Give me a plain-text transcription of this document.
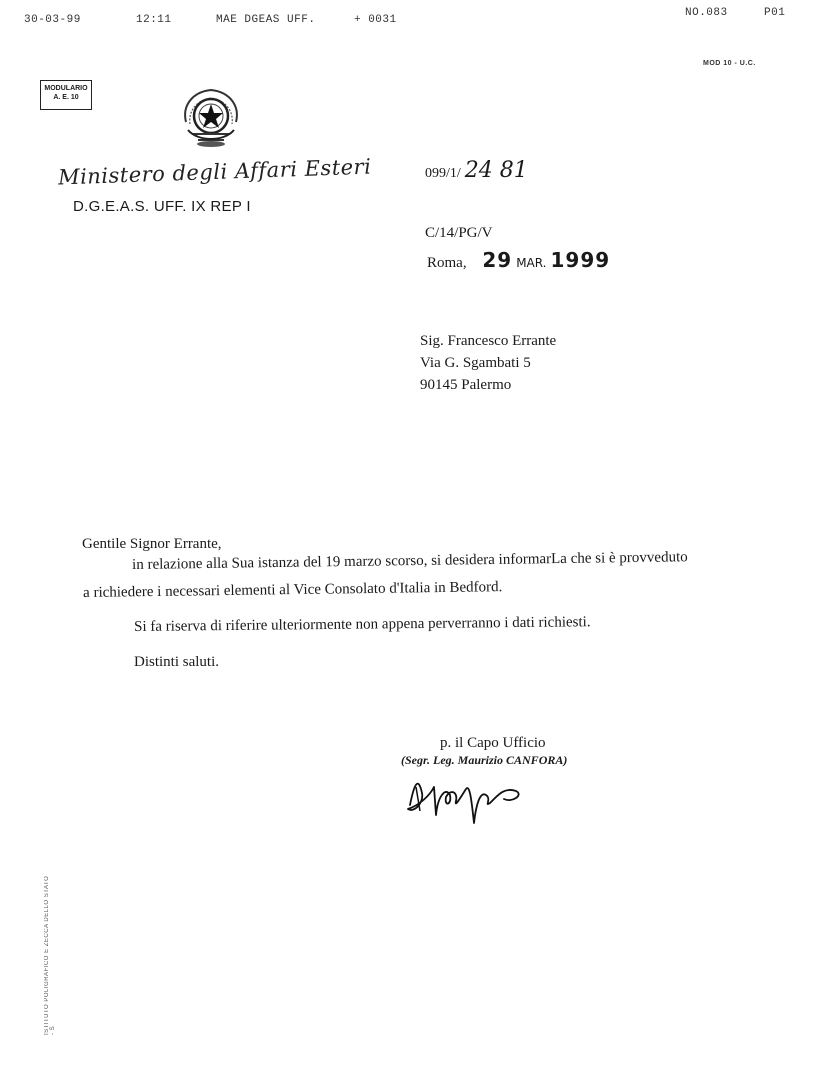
30-03-99	12:11	MAE DGEAS UFF.	+ 0031
NO.083	P01
MOD 10 - U.C.
MODULARIO
A. E. 10
Ministero degli Affari Esteri
D.G.E.A.S. UFF. IX REP I
099/1/ 24 81
C/14/PG/V
Roma, 29 MAR. 1999
Sig. Francesco Errante
Via G. Sgambati 5
90145 Palermo
Gentile Signor Errante,
in relazione alla Sua istanza del 19 marzo scorso, si desidera informarLa che si è provveduto
a richiedere i necessari elementi al Vice Consolato d'Italia in Bedford.
Si fa riserva di riferire ulteriormente non appena perverranno i dati richiesti.
Distinti saluti.
p. il Capo Ufficio
(Segr. Leg. Maurizio CANFORA)
ISTITUTO POLIGRAFICO E ZECCA DELLO STATO - S
